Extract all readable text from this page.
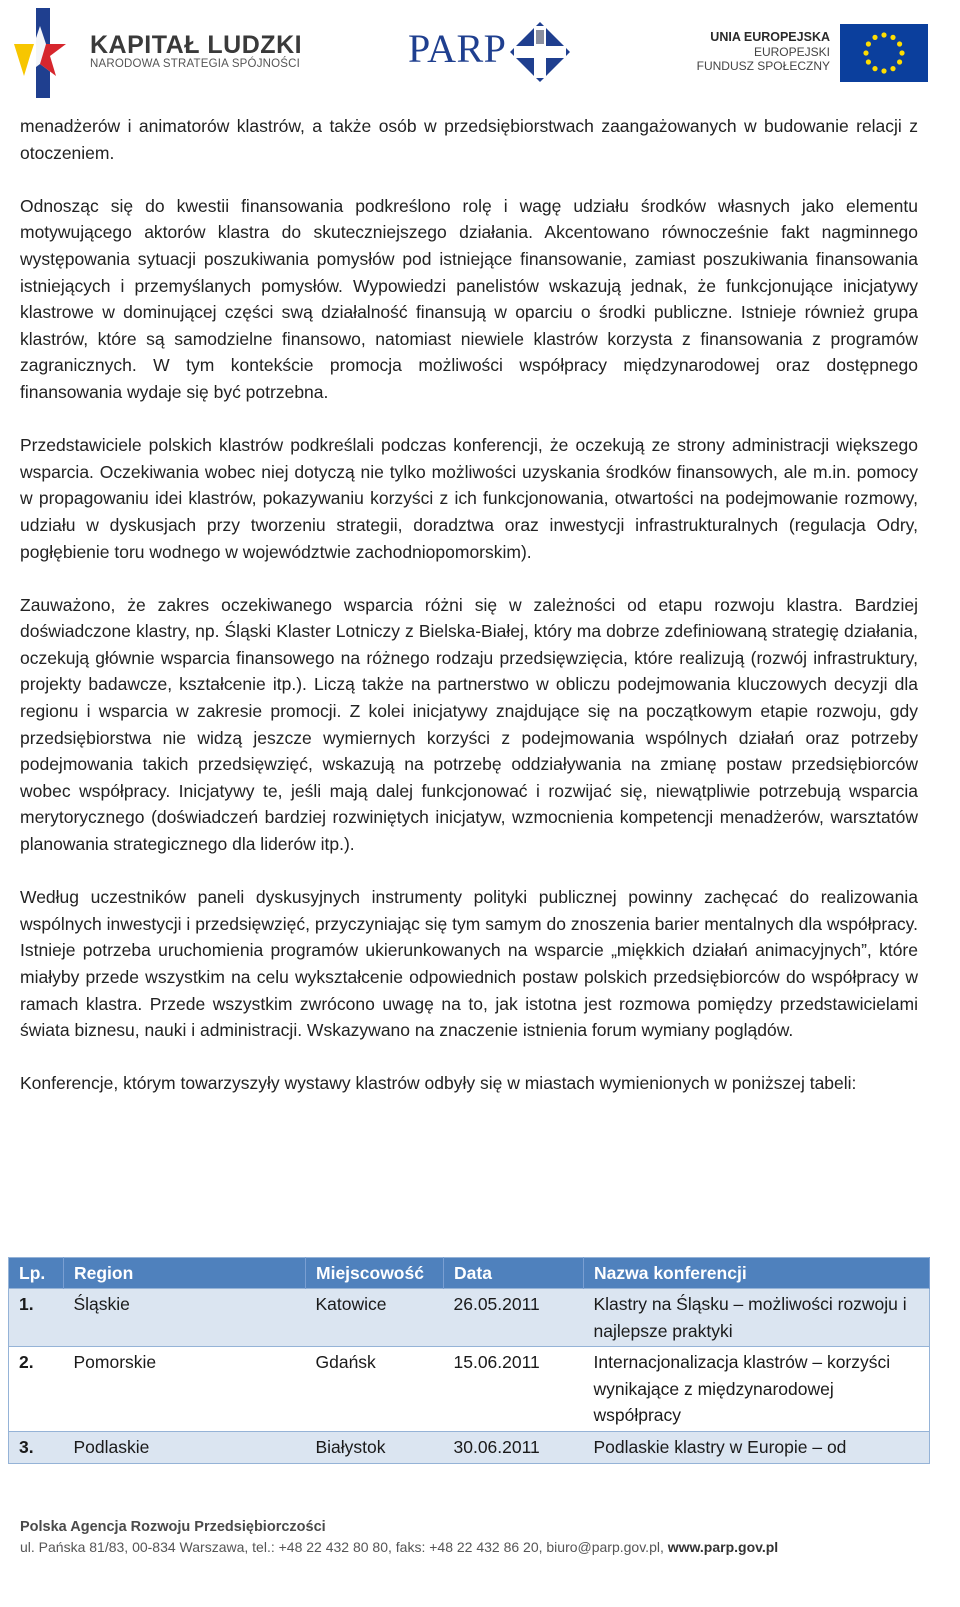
KAPITAŁ LUDZKI
NARODOWA STRATEGIA SPÓJNOŚCI	PARP	UNIA EUROPEJSKA
EUROPEJSKI
FUNDUSZ SPOŁECZNY

menadżerów i animatorów klastrów, a także osób w przedsiębiorstwach zaangażowanych w budowanie relacji z otoczeniem.

Odnosząc się do kwestii finansowania podkreślono rolę i wagę udziału środków własnych jako elementu motywującego aktorów klastra do skuteczniejszego działania. Akcentowano równocześnie fakt nagminnego występowania sytuacji poszukiwania pomysłów pod istniejące finansowanie, zamiast poszukiwania finansowania istniejących i przemyślanych pomysłów. Wypowiedzi panelistów wskazują jednak, że funkcjonujące inicjatywy klastrowe w dominującej części swą działalność finansują w oparciu o środki publiczne. Istnieje również grupa klastrów, które są samodzielne finansowo, natomiast niewiele klastrów korzysta z finansowania z programów zagranicznych. W tym kontekście promocja możliwości współpracy międzynarodowej oraz dostępnego finansowania wydaje się być potrzebna.

Przedstawiciele polskich klastrów podkreślali podczas konferencji, że oczekują ze strony administracji większego wsparcia. Oczekiwania wobec niej dotyczą nie tylko możliwości uzyskania środków finansowych, ale m.in. pomocy w propagowaniu idei klastrów, pokazywaniu korzyści z ich funkcjonowania, otwartości na podejmowanie rozmowy, udziału w dyskusjach przy tworzeniu strategii, doradztwa oraz inwestycji infrastrukturalnych (regulacja Odry, pogłębienie toru wodnego w województwie zachodniopomorskim).

Zauważono, że zakres oczekiwanego wsparcia różni się w zależności od etapu rozwoju klastra. Bardziej doświadczone klastry, np. Śląski Klaster Lotniczy z Bielska-Białej, który ma dobrze zdefiniowaną strategię działania, oczekują głównie wsparcia finansowego na różnego rodzaju przedsięwzięcia, które realizują (rozwój infrastruktury, projekty badawcze, kształcenie itp.). Liczą także na partnerstwo w obliczu podejmowania kluczowych decyzji dla regionu i wsparcia w zakresie promocji. Z kolei inicjatywy znajdujące się na początkowym etapie rozwoju, gdy przedsiębiorstwa nie widzą jeszcze wymiernych korzyści z podejmowania wspólnych działań oraz potrzeby podejmowania takich przedsięwzięć, wskazują na potrzebę oddziaływania na zmianę postaw przedsiębiorców wobec współpracy. Inicjatywy te, jeśli mają dalej funkcjonować i rozwijać się, niewątpliwie potrzebują wsparcia merytorycznego (doświadczeń bardziej rozwiniętych inicjatyw, wzmocnienia kompetencji menadżerów, warsztatów planowania strategicznego dla liderów itp.).

Według uczestników paneli dyskusyjnych instrumenty polityki publicznej powinny zachęcać do realizowania wspólnych inwestycji i przedsięwzięć, przyczyniając się tym samym do znoszenia barier mentalnych dla współpracy. Istnieje potrzeba uruchomienia programów ukierunkowanych na wsparcie „miękkich działań animacyjnych”, które miałyby przede wszystkim na celu wykształcenie odpowiednich postaw polskich przedsiębiorców do współpracy w ramach klastra. Przede wszystkim zwrócono uwagę na to, jak istotna jest rozmowa pomiędzy przedstawicielami świata biznesu, nauki i administracji. Wskazywano na znaczenie istnienia forum wymiany poglądów.

Konferencje, którym towarzyszyły wystawy klastrów odbyły się w miastach wymienionych w poniższej tabeli:

Lp.	Region	Miejscowość	Data	Nazwa konferencji
1.	Śląskie	Katowice	26.05.2011	Klastry na Śląsku – możliwości rozwoju i najlepsze praktyki
2.	Pomorskie	Gdańsk	15.06.2011	Internacjonalizacja klastrów – korzyści wynikające z międzynarodowej współpracy
3.	Podlaskie	Białystok	30.06.2011	Podlaskie klastry w Europie – od
Polska Agencja Rozwoju Przedsiębiorczości
ul. Pańska 81/83, 00-834 Warszawa, tel.: +48 22 432 80 80, faks: +48 22 432 86 20, biuro@parp.gov.pl, www.parp.gov.pl
